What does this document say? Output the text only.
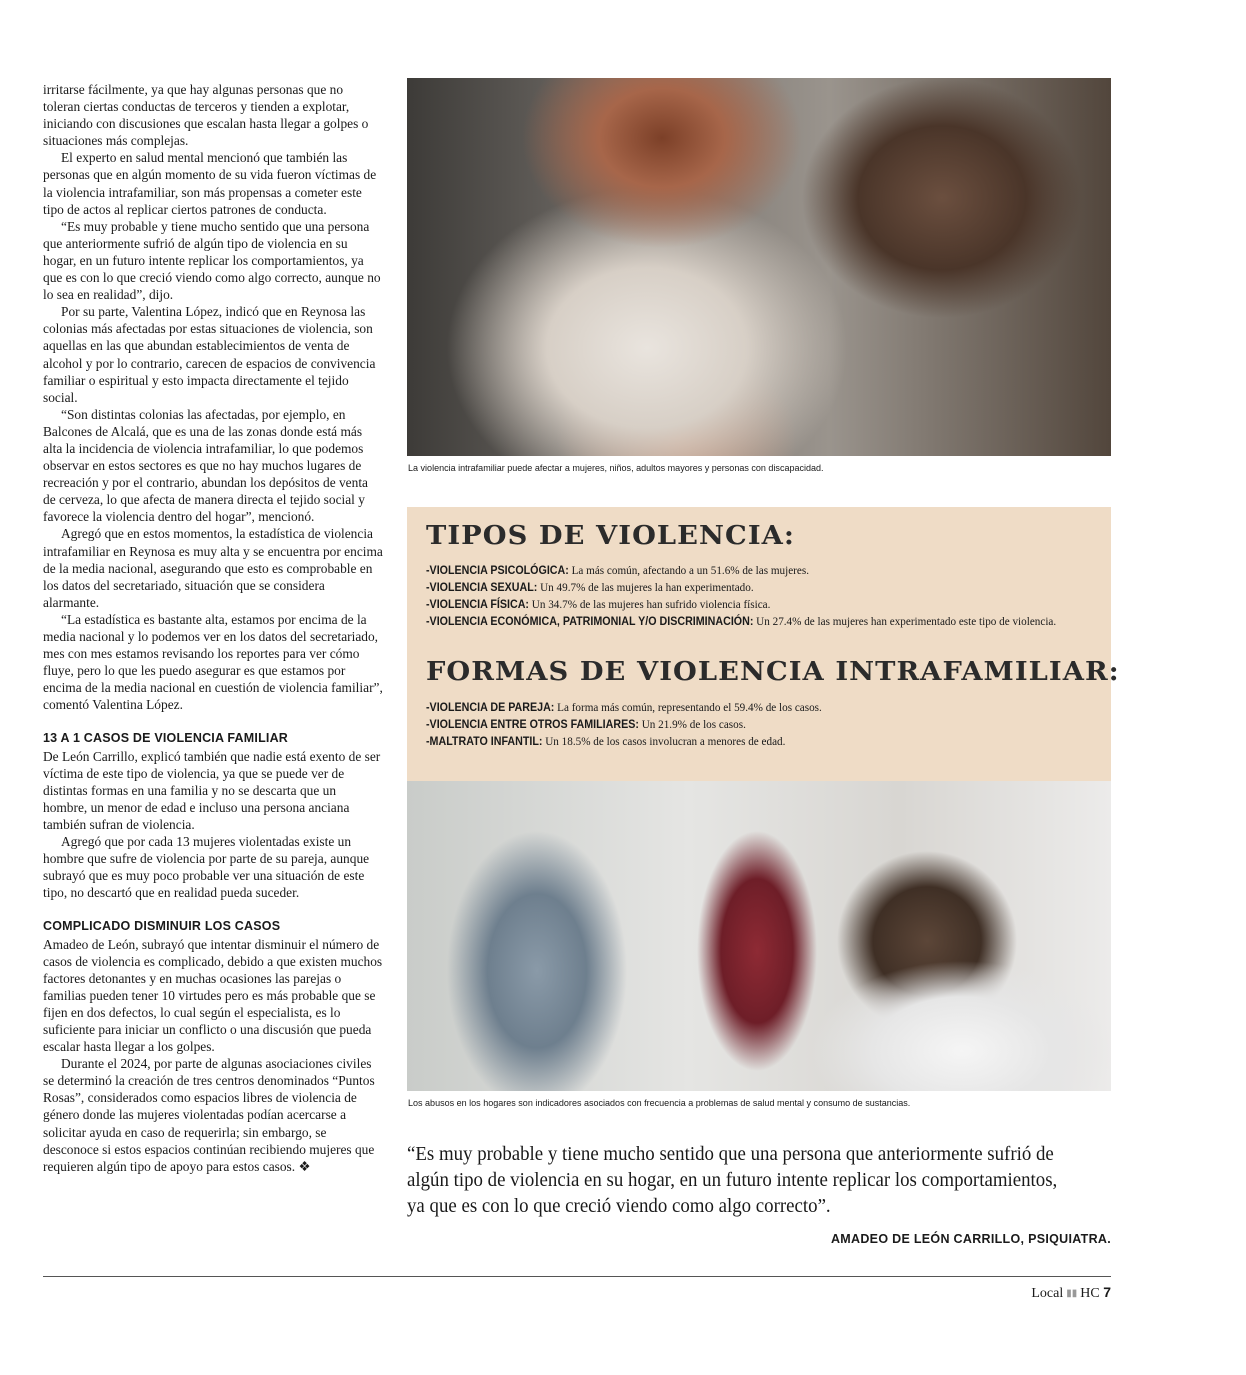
irritarse fácilmente, ya que hay algunas personas que no toleran ciertas conductas de terceros y tienden a explotar, iniciando con discusiones que escalan hasta llegar a golpes o situaciones más complejas.

El experto en salud mental mencionó que también las personas que en algún momento de su vida fueron víctimas de la violencia intrafamiliar, son más propensas a cometer este tipo de actos al replicar ciertos patrones de conducta.

“Es muy probable y tiene mucho sentido que una persona que anteriormente sufrió de algún tipo de violencia en su hogar, en un futuro intente replicar los comportamientos, ya que es con lo que creció viendo como algo correcto, aunque no lo sea en realidad”, dijo.

Por su parte, Valentina López, indicó que en Reynosa las colonias más afectadas por estas situaciones de violencia, son aquellas en las que abundan establecimientos de venta de alcohol y por lo contrario, carecen de espacios de convivencia familiar o espiritual y esto impacta directamente el tejido social.

“Son distintas colonias las afectadas, por ejemplo, en Balcones de Alcalá, que es una de las zonas donde está más alta la incidencia de violencia intrafamiliar, lo que podemos observar en estos sectores es que no hay muchos lugares de recreación y por el contrario, abundan los depósitos de venta de cerveza, lo que afecta de manera directa el tejido social y favorece la violencia dentro del hogar”, mencionó.

Agregó que en estos momentos, la estadística de violencia intrafamiliar en Reynosa es muy alta y se encuentra por encima de la media nacional, asegurando que esto es comprobable en los datos del secretariado, situación que se considera alarmante.

“La estadística es bastante alta, estamos por encima de la media nacional y lo podemos ver en los datos del secretariado, mes con mes estamos revisando los reportes para ver cómo fluye, pero lo que les puedo asegurar es que estamos por encima de la media nacional en cuestión de violencia familiar”, comentó Valentina López.

13 A 1 CASOS DE VIOLENCIA FAMILIAR

De León Carrillo, explicó también que nadie está exento de ser víctima de este tipo de violencia, ya que se puede ver de distintas formas en una familia y no se descarta que un hombre, un menor de edad e incluso una persona anciana también sufran de violencia.

Agregó que por cada 13 mujeres violentadas existe un hombre que sufre de violencia por parte de su pareja, aunque subrayó que es muy poco probable ver una situación de este tipo, no descartó que en realidad pueda suceder.

COMPLICADO DISMINUIR LOS CASOS

Amadeo de León, subrayó que intentar disminuir el número de casos de violencia es complicado, debido a que existen muchos factores detonantes y en muchas ocasiones las parejas o familias pueden tener 10 virtudes pero es más probable que se fijen en dos defectos, lo cual según el especialista, es lo suficiente para iniciar un conflicto o una discusión que pueda escalar hasta llegar a los golpes.

Durante el 2024, por parte de algunas asociaciones civiles se determinó la creación de tres centros denominados “Puntos Rosas”, considerados como espacios libres de violencia de género donde las mujeres violentadas podían acercarse a solicitar ayuda en caso de requerirla; sin embargo, se desconoce si estos espacios continúan recibiendo mujeres que requieren algún tipo de apoyo para estos casos. ❖

La violencia intrafamiliar puede afectar a mujeres, niños, adultos mayores y personas con discapacidad.
TIPOS DE VIOLENCIA:
-VIOLENCIA PSICOLÓGICA: La más común, afectando a un 51.6% de las mujeres.
-VIOLENCIA SEXUAL: Un 49.7% de las mujeres la han experimentado.
-VIOLENCIA FÍSICA: Un 34.7% de las mujeres han sufrido violencia física.
-VIOLENCIA ECONÓMICA, PATRIMONIAL Y/O DISCRIMINACIÓN: Un 27.4% de las mujeres han experimentado este tipo de violencia.
FORMAS DE VIOLENCIA INTRAFAMILIAR:
-VIOLENCIA DE PAREJA: La forma más común, representando el 59.4% de los casos.
-VIOLENCIA ENTRE OTROS FAMILIARES: Un 21.9% de los casos.
-MALTRATO INFANTIL: Un 18.5% de los casos involucran a menores de edad.
Los abusos en los hogares son indicadores asociados con frecuencia a problemas de salud mental y consumo de sustancias.
“Es muy probable y tiene mucho sentido que una persona que anteriormente sufrió de
algún tipo de violencia en su hogar, en un futuro intente replicar los comportamientos,
ya que es con lo que creció viendo como algo correcto”.
AMADEO DE LEÓN CARRILLO, PSIQUIATRA.
Local ▮▮ HC 7
